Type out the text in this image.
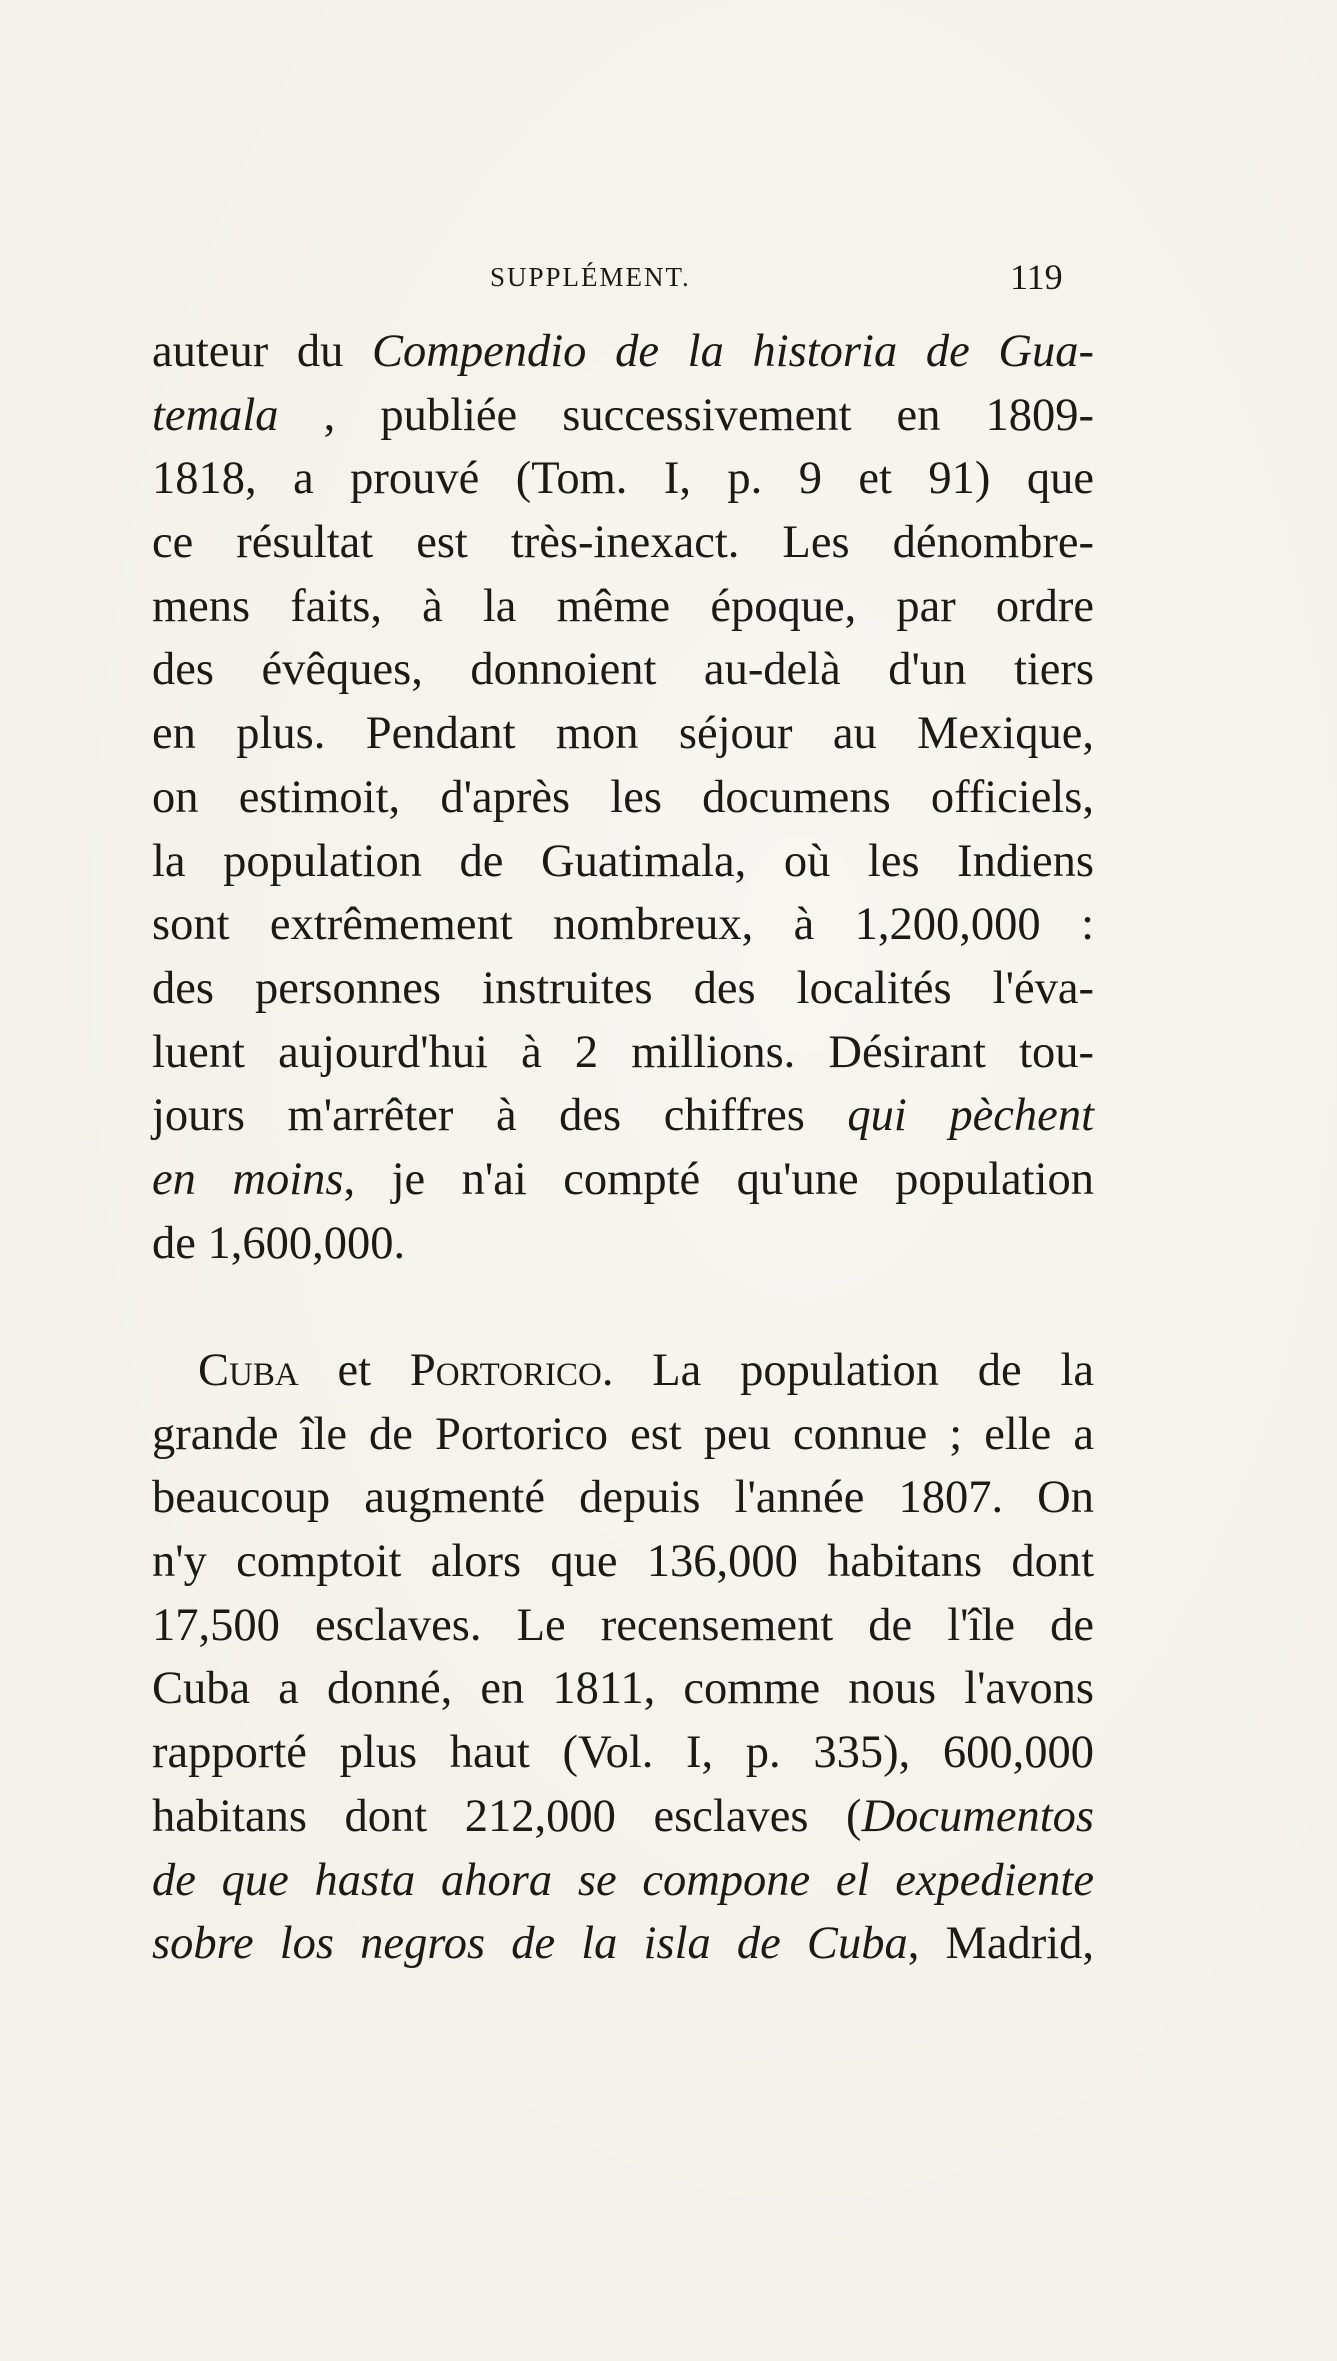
SUPPLÉMENT.	119
auteur du Compendio de la historia de Gua-
temala , publiée successivement en 1809-
1818, a prouvé (Tom. I, p. 9 et 91) que
ce résultat est très-inexact. Les dénombre-
mens faits, à la même époque, par ordre
des évêques, donnoient au-delà d'un tiers
en plus. Pendant mon séjour au Mexique,
on estimoit, d'après les documens officiels,
la population de Guatimala, où les Indiens
sont extrêmement nombreux, à 1,200,000 :
des personnes instruites des localités l'éva-
luent aujourd'hui à 2 millions. Désirant tou-
jours m'arrêter à des chiffres qui pèchent
en moins, je n'ai compté qu'une population
de 1,600,000.
Cuba et Portorico. La population de la
grande île de Portorico est peu connue ; elle a
beaucoup augmenté depuis l'année 1807. On
n'y comptoit alors que 136,000 habitans dont
17,500 esclaves. Le recensement de l'île de
Cuba a donné, en 1811, comme nous l'avons
rapporté plus haut (Vol. I, p. 335), 600,000
habitans dont 212,000 esclaves (Documentos
de que hasta ahora se compone el expediente
sobre los negros de la isla de Cuba, Madrid,
